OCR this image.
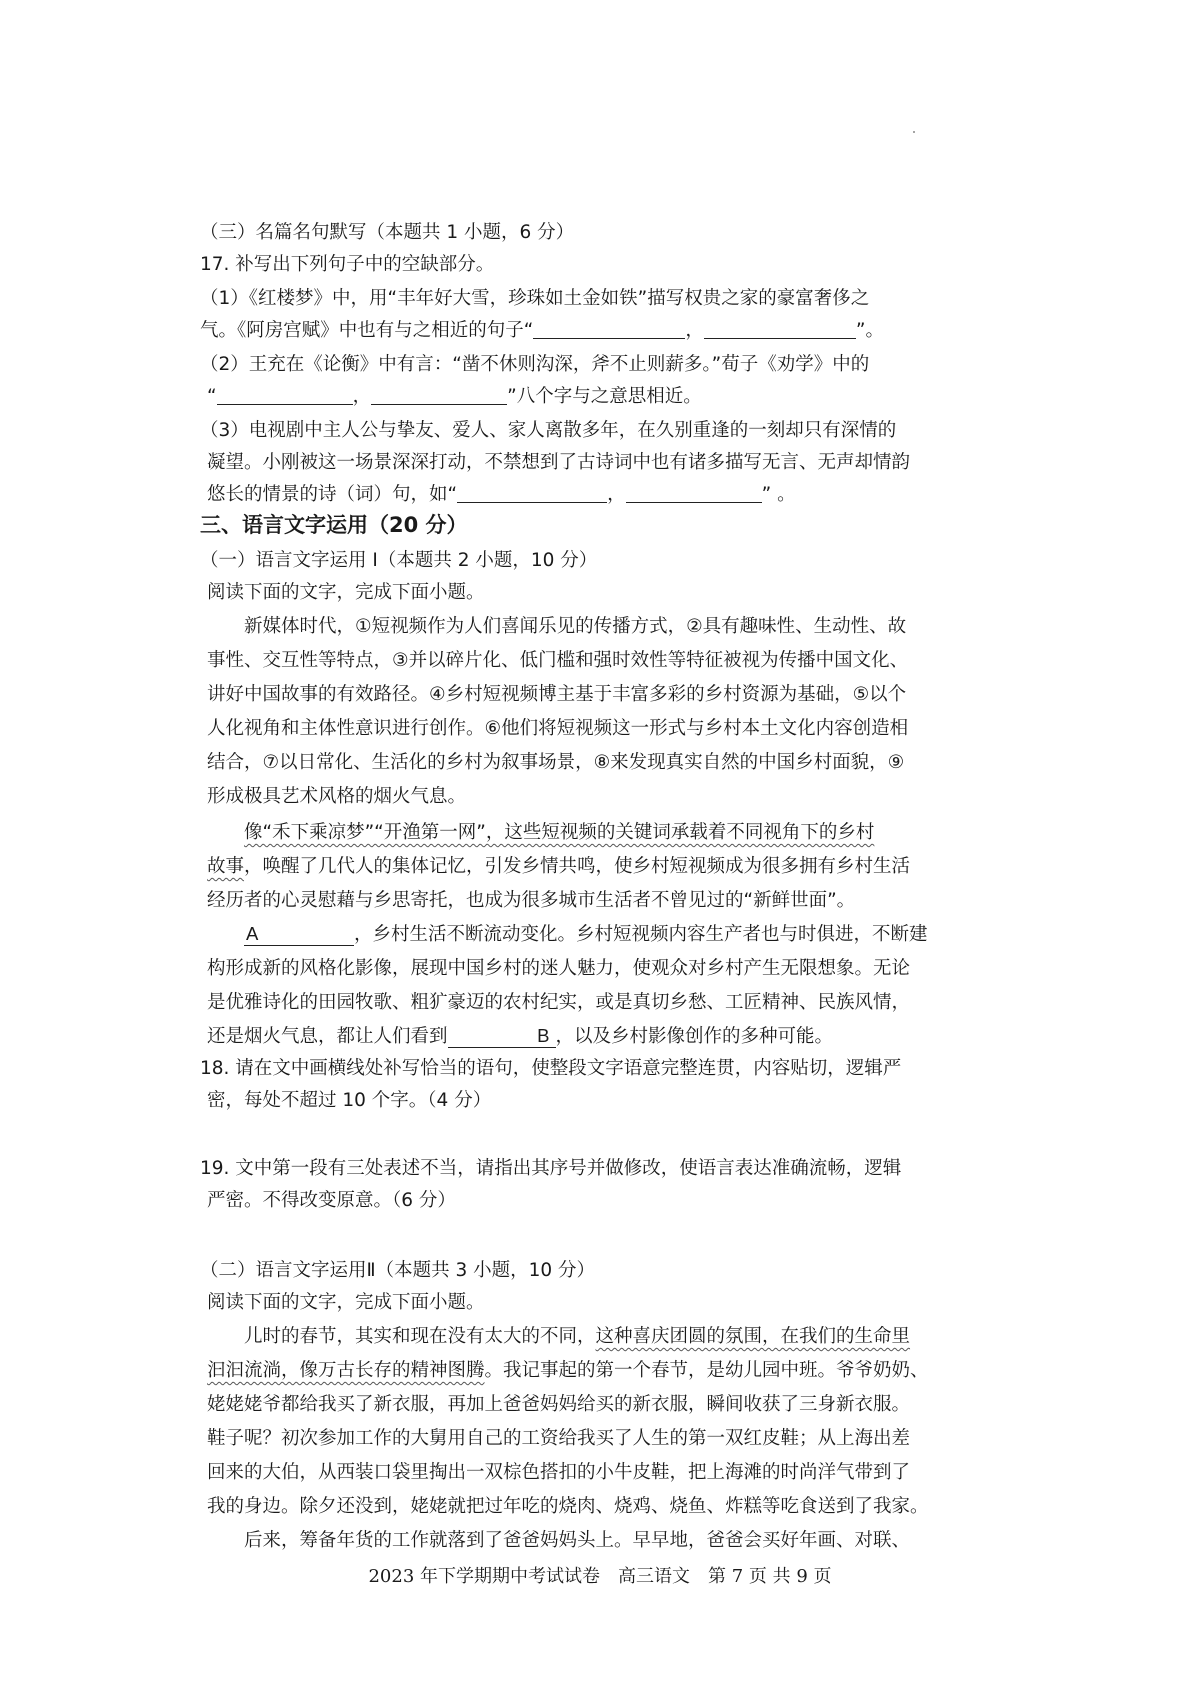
（三）名篇名句默写（本题共 1 小题，6 分）
17. 补写出下列句子中的空缺部分。
（1）《红楼梦》中，用“丰年好大雪，珍珠如土金如铁”描写权贵之家的豪富奢侈之
气。《阿房宫赋》中也有与之相近的句子“	，	”。
（2）王充在《论衡》中有言：“凿不休则沟深，斧不止则薪多。”荀子《劝学》中的
“	，	”八个字与之意思相近。
（3）电视剧中主人公与挚友、爱人、家人离散多年，在久别重逢的一刻却只有深情的
凝望。小刚被这一场景深深打动，不禁想到了古诗词中也有诸多描写无言、无声却情韵
悠长的情景的诗（词）句，如“	，	” 。
三、语言文字运用（20 分）
（一）语言文字运用 I（本题共 2 小题，10 分）
阅读下面的文字，完成下面小题。
新媒体时代，①短视频作为人们喜闻乐见的传播方式，②具有趣味性、生动性、故
事性、交互性等特点，③并以碎片化、低门槛和强时效性等特征被视为传播中国文化、
讲好中国故事的有效路径。④乡村短视频博主基于丰富多彩的乡村资源为基础，⑤以个
人化视角和主体性意识进行创作。⑥他们将短视频这一形式与乡村本土文化内容创造相
结合，⑦以日常化、生活化的乡村为叙事场景，⑧来发现真实自然的中国乡村面貌，⑨
形成极具艺术风格的烟火气息。
像“禾下乘凉梦”“开渔第一网”，这些短视频的关键词承载着不同视角下的乡村
故事，唤醒了几代人的集体记忆，引发乡情共鸣，使乡村短视频成为很多拥有乡村生活
经历者的心灵慰藉与乡思寄托，也成为很多城市生活者不曾见过的“新鲜世面”。
A	，乡村生活不断流动变化。乡村短视频内容生产者也与时俱进，不断建
构形成新的风格化影像，展现中国乡村的迷人魅力，使观众对乡村产生无限想象。无论
是优雅诗化的田园牧歌、粗犷豪迈的农村纪实，或是真切乡愁、工匠精神、民族风情，
还是烟火气息，都让人们看到	B ，以及乡村影像创作的多种可能。
18. 请在文中画横线处补写恰当的语句，使整段文字语意完整连贯，内容贴切，逻辑严
密，每处不超过 10 个字。（4 分）
19. 文中第一段有三处表述不当，请指出其序号并做修改，使语言表达准确流畅，逻辑
严密。不得改变原意。（6 分）
（二）语言文字运用Ⅱ（本题共 3 小题，10 分）
阅读下面的文字，完成下面小题。
儿时的春节，其实和现在没有太大的不同，这种喜庆团圆的氛围，在我们的生命里
汩汩流淌，像万古长存的精神图腾。我记事起的第一个春节，是幼儿园中班。爷爷奶奶、
姥姥姥爷都给我买了新衣服，再加上爸爸妈妈给买的新衣服，瞬间收获了三身新衣服。
鞋子呢？初次参加工作的大舅用自己的工资给我买了人生的第一双红皮鞋；从上海出差
回来的大伯，从西装口袋里掏出一双棕色搭扣的小牛皮鞋，把上海滩的时尚洋气带到了
我的身边。除夕还没到，姥姥就把过年吃的烧肉、烧鸡、烧鱼、炸糕等吃食送到了我家。
后来，筹备年货的工作就落到了爸爸妈妈头上。早早地，爸爸会买好年画、对联、
2023 年下学期期中考试试卷　高三语文　第 7 页 共 9 页
